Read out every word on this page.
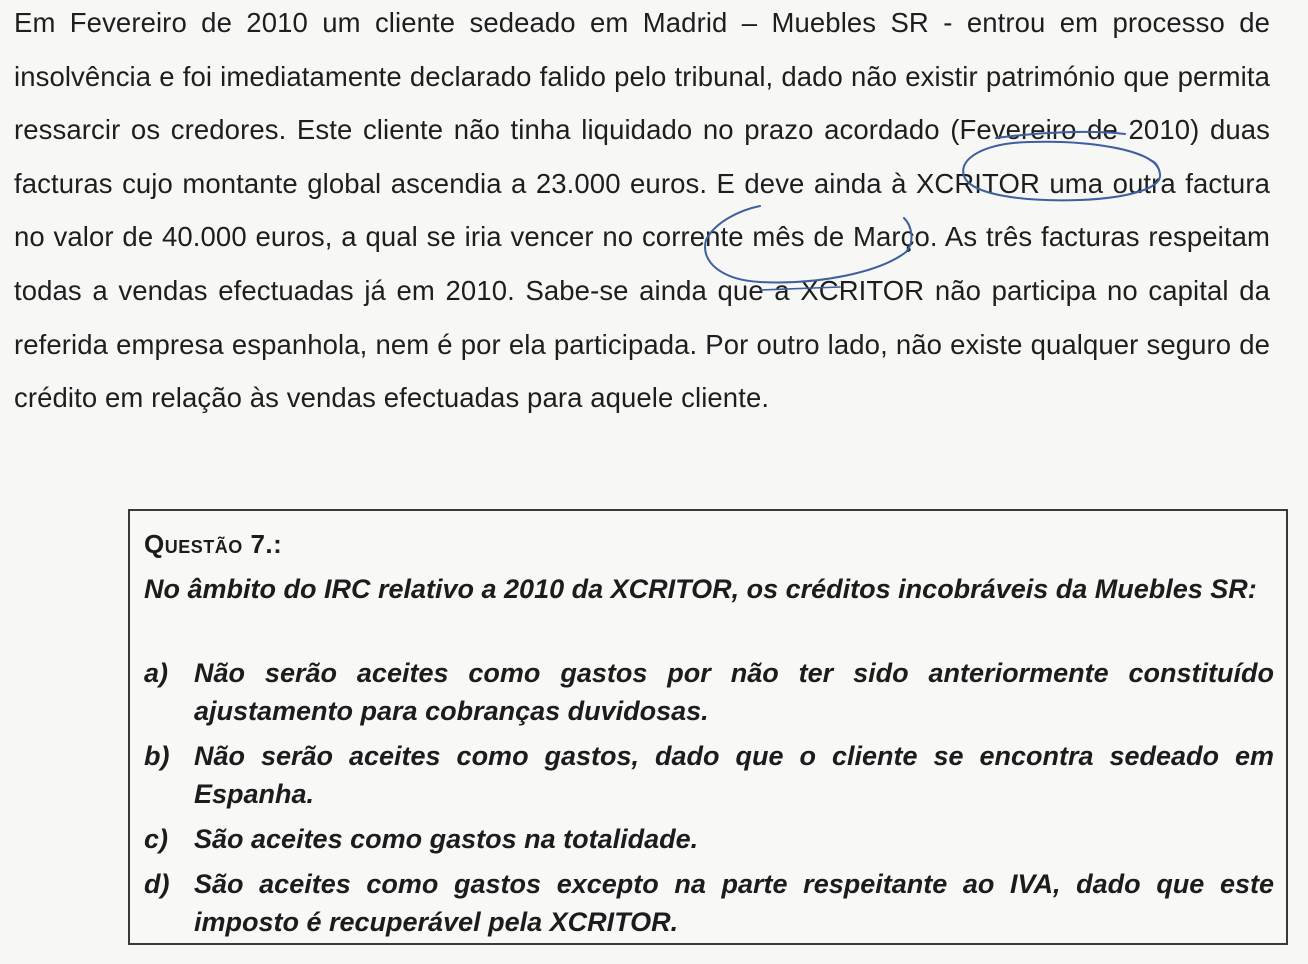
Em Fevereiro de 2010 um cliente sedeado em Madrid – Muebles SR - entrou em processo de insolvência e foi imediatamente declarado falido pelo tribunal, dado não existir património que permita ressarcir os credores. Este cliente não tinha liquidado no prazo acordado (Fevereiro de 2010) duas facturas cujo montante global ascendia a 23.000 euros. E deve ainda à XCRITOR uma outra factura no valor de 40.000 euros, a qual se iria vencer no corrente mês de Março. As três facturas respeitam todas a vendas efectuadas já em 2010. Sabe-se ainda que a XCRITOR não participa no capital da referida empresa espanhola, nem é por ela participada. Por outro lado, não existe qualquer seguro de crédito em relação às vendas efectuadas para aquele cliente.

Questão 7.:

No âmbito do IRC relativo a 2010 da XCRITOR, os créditos incobráveis da Muebles SR:

a) Não serão aceites como gastos por não ter sido anteriormente constituído ajustamento para cobranças duvidosas.
b) Não serão aceites como gastos, dado que o cliente se encontra sedeado em Espanha.
c) São aceites como gastos na totalidade.
d) São aceites como gastos excepto na parte respeitante ao IVA, dado que este imposto é recuperável pela XCRITOR.
